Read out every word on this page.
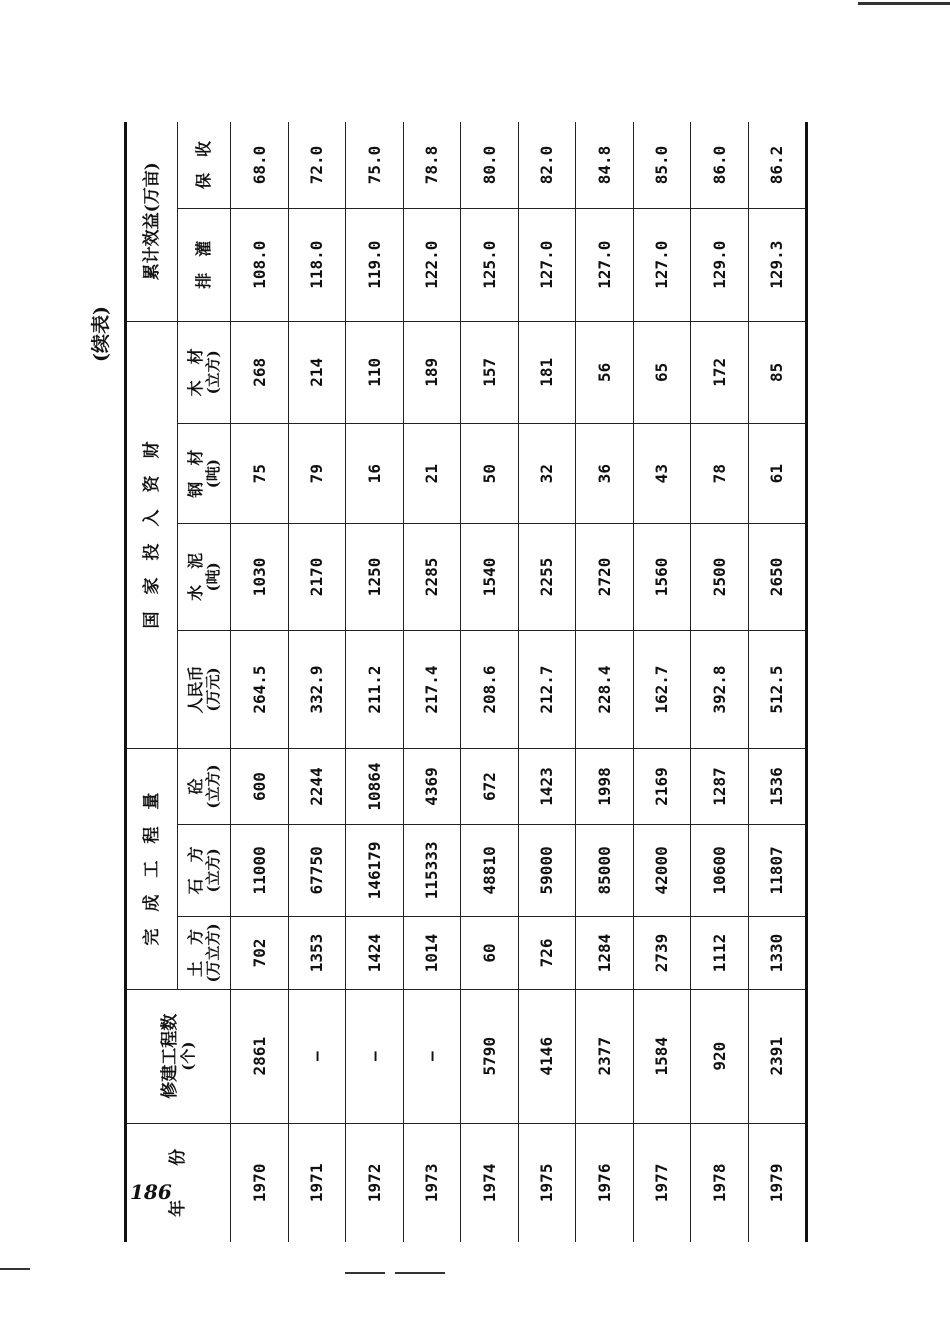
186
(续表)
年　　份	修建工程数
(个)	完　成　工　程　量			国　家　投　入　资　财				累计效益(万亩)	
		土　方
(万立方)	石　方
(立方)	砼
(立方)	人民币
(万元)	水　泥
(吨)	钢　材
(吨)	木　材
(立方)	排　灌	保　收
1970	2861	702	11000	600	264.5	1030	75	268	108.0	68.0
1971	—	1353	67750	2244	332.9	2170	79	214	118.0	72.0
1972	—	1424	146179	10864	211.2	1250	16	110	119.0	75.0
1973	—	1014	115333	4369	217.4	2285	21	189	122.0	78.8
1974	5790	60	48810	672	208.6	1540	50	157	125.0	80.0
1975	4146	726	59000	1423	212.7	2255	32	181	127.0	82.0
1976	2377	1284	85000	1998	228.4	2720	36	56	127.0	84.8
1977	1584	2739	42000	2169	162.7	1560	43	65	127.0	85.0
1978	920	1112	10600	1287	392.8	2500	78	172	129.0	86.0
1979	2391	1330	11807	1536	512.5	2650	61	85	129.3	86.2
